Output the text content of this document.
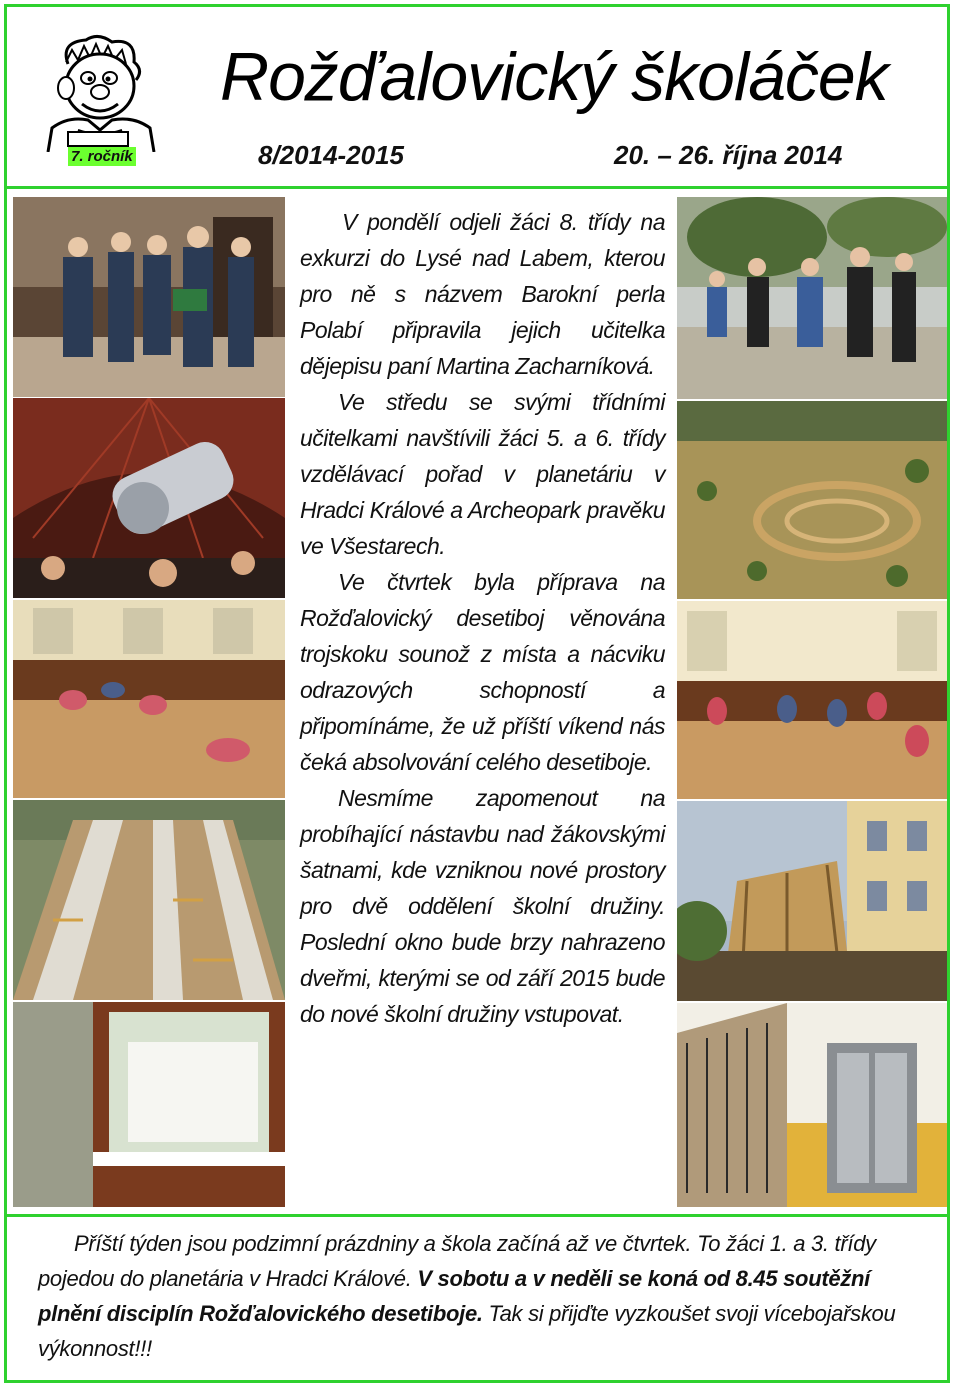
Rožďalovický školáček
7. ročník	8/2014-2015	20. – 26. října 2014

V pondělí odjeli žáci 8. třídy na exkurzi do Lysé nad Labem, kterou pro ně s názvem Barokní perla Polabí připravila jejich učitelka dějepisu paní Martina Zacharníková.

Ve středu se svými třídními učitelkami navštívili žáci 5. a 6. třídy vzdělávací pořad v planetáriu v Hradci Králové a Archeopark pravěku ve Všestarech.

Ve čtvrtek byla příprava na Rožďalovický desetiboj věnována trojskoku sounož z místa a nácviku odrazových schopností a připomínáme, že už příští víkend nás čeká absolvování celého desetiboje.

Nesmíme zapomenout na probíhající nástavbu nad žákovskými šatnami, kde vzniknou nové prostory pro dvě oddělení školní družiny. Poslední okno bude brzy nahrazeno dveřmi, kterými se od září 2015 bude do nové školní družiny vstupovat.

Příští týden jsou podzimní prázdniny a škola začíná až ve čtvrtek. To žáci 1. a 3. třídy pojedou do planetária v Hradci Králové. V sobotu a v neděli se koná od 8.45 soutěžní plnění disciplín Rožďalovického desetiboje. Tak si přijďte vyzkoušet svoji vícebojařskou výkonnost!!!
